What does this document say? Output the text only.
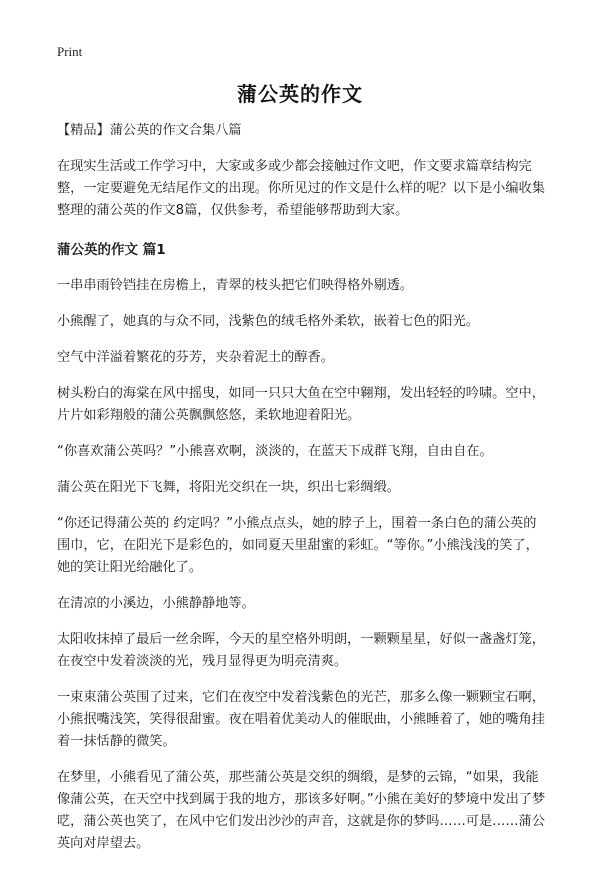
Print
蒲公英的作文

【精品】蒲公英的作文合集八篇

在现实生活或工作学习中，大家或多或少都会接触过作文吧，作文要求篇章结构完整，一定要避免无结尾作文的出现。你所见过的作文是什么样的呢？以下是小编收集整理的蒲公英的作文8篇，仅供参考，希望能够帮助到大家。

蒲公英的作文 篇1

一串串雨铃铛挂在房檐上，青翠的枝头把它们映得格外剔透。

小熊醒了，她真的与众不同，浅紫色的绒毛格外柔软，嵌着七色的阳光。

空气中洋溢着繁花的芬芳，夹杂着泥土的醇香。

树头粉白的海棠在风中摇曳，如同一只只大鱼在空中翱翔，发出轻轻的吟啸。空中，片片如彩翔般的蒲公英飘飘悠悠，柔软地迎着阳光。

“你喜欢蒲公英吗？”小熊喜欢啊，淡淡的，在蓝天下成群飞翔，自由自在。

蒲公英在阳光下飞舞，将阳光交织在一块，织出七彩绸缎。

“你还记得蒲公英的 约定吗？”小熊点点头，她的脖子上，围着一条白色的蒲公英的围巾，它，在阳光下是彩色的，如同夏天里甜蜜的彩虹。“等你。”小熊浅浅的笑了，她的笑让阳光给融化了。

在清凉的小溪边，小熊静静地等。

太阳收抹掉了最后一丝余晖，今天的星空格外明朗，一颗颗星星，好似一盏盏灯笼，在夜空中发着淡淡的光，残月显得更为明亮清爽。

一束束蒲公英围了过来，它们在夜空中发着浅紫色的光芒，那多么像一颗颗宝石啊，小熊抿嘴浅笑，笑得很甜蜜。夜在唱着优美动人的催眠曲，小熊睡着了，她的嘴角挂着一抹恬静的微笑。

在梦里，小熊看见了蒲公英，那些蒲公英是交织的绸缎，是梦的云锦，“如果，我能像蒲公英，在天空中找到属于我的地方，那该多好啊。”小熊在美好的梦境中发出了梦呓，蒲公英也笑了，在风中它们发出沙沙的声音，这就是你的梦吗……可是……蒲公英向对岸望去。
